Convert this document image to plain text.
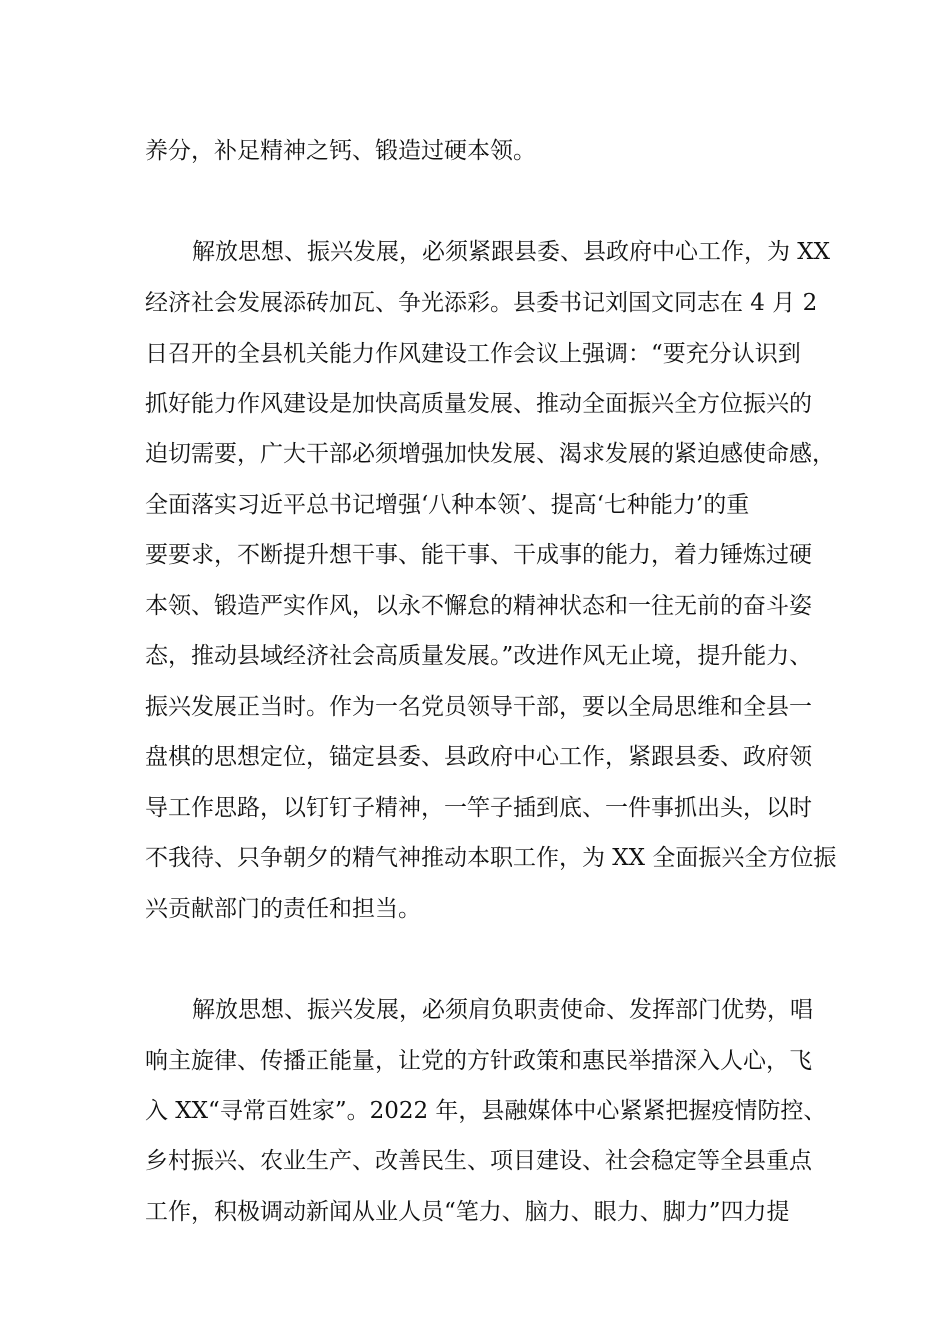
养分，补足精神之钙、锻造过硬本领。
解放思想、振兴发展，必须紧跟县委、县政府中心工作，为 XX
经济社会发展添砖加瓦、争光添彩。县委书记刘国文同志在 4 月 2
日召开的全县机关能力作风建设工作会议上强调：“要充分认识到
抓好能力作风建设是加快高质量发展、推动全面振兴全方位振兴的
迫切需要，广大干部必须增强加快发展、渴求发展的紧迫感使命感，
全面落实习近平总书记增强‘八种本领’、提高‘七种能力’的重
要要求，不断提升想干事、能干事、干成事的能力，着力锤炼过硬
本领、锻造严实作风，以永不懈怠的精神状态和一往无前的奋斗姿
态，推动县域经济社会高质量发展。”改进作风无止境，提升能力、
振兴发展正当时。作为一名党员领导干部，要以全局思维和全县一
盘棋的思想定位，锚定县委、县政府中心工作，紧跟县委、政府领
导工作思路，以钉钉子精神，一竿子插到底、一件事抓出头，以时
不我待、只争朝夕的精气神推动本职工作，为 XX 全面振兴全方位振
兴贡献部门的责任和担当。
解放思想、振兴发展，必须肩负职责使命、发挥部门优势，唱
响主旋律、传播正能量，让党的方针政策和惠民举措深入人心，飞
入 XX“寻常百姓家”。2022 年，县融媒体中心紧紧把握疫情防控、
乡村振兴、农业生产、改善民生、项目建设、社会稳定等全县重点
工作，积极调动新闻从业人员“笔力、脑力、眼力、脚力”四力提
